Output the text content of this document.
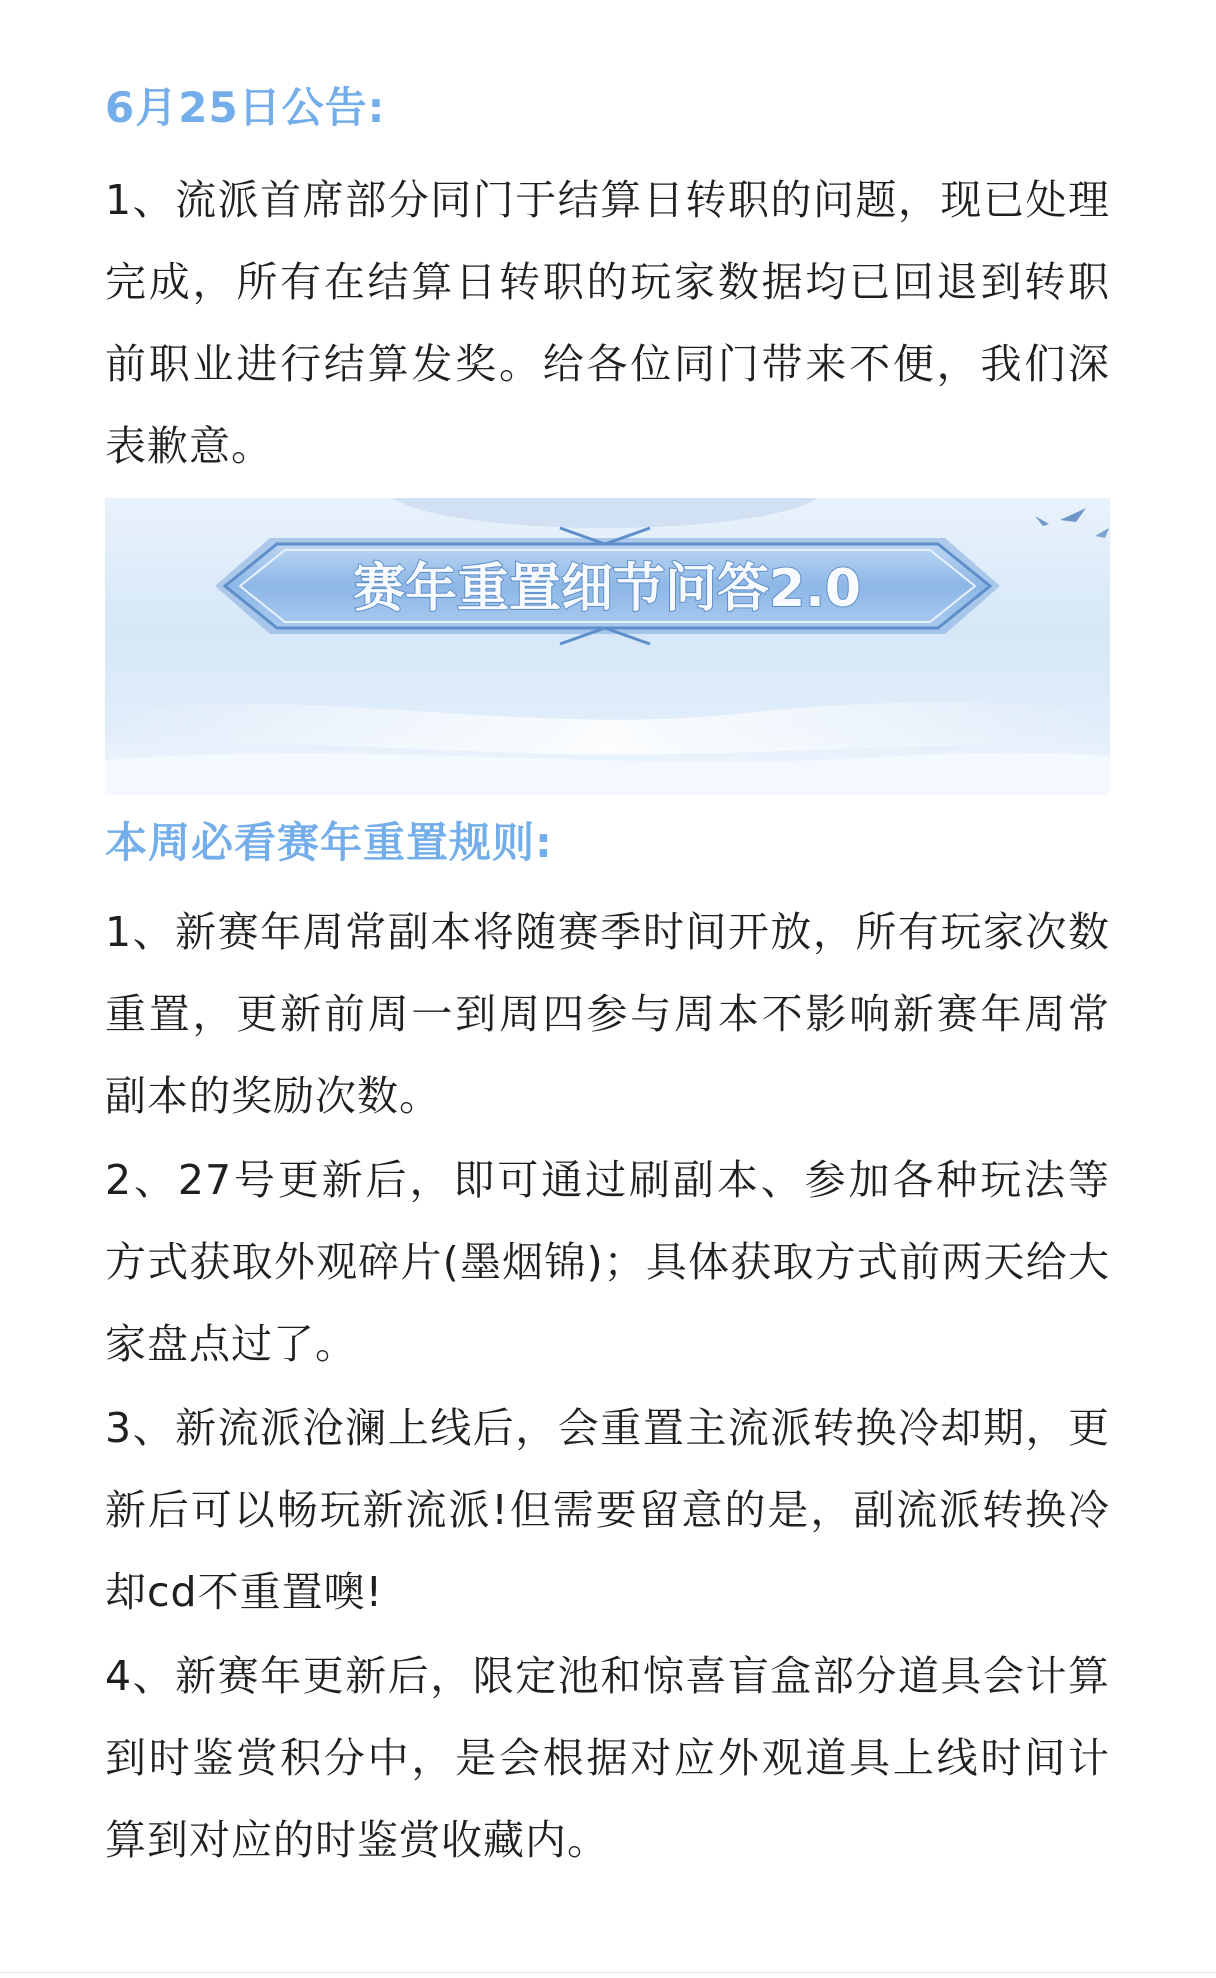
6月25日公告:

1、流派首席部分同门于结算日转职的问题，现已处理完成，所有在结算日转职的玩家数据均已回退到转职前职业进行结算发奖。给各位同门带来不便，我们深表歉意。

赛年重置细节问答2.0
本周必看赛年重置规则:

1、新赛年周常副本将随赛季时间开放，所有玩家次数重置，更新前周一到周四参与周本不影响新赛年周常副本的奖励次数。

2、27号更新后，即可通过刷副本、参加各种玩法等方式获取外观碎片(墨烟锦)；具体获取方式前两天给大家盘点过了。

3、新流派沧澜上线后，会重置主流派转换冷却期，更新后可以畅玩新流派!但需要留意的是，副流派转换冷却cd不重置噢!

4、新赛年更新后，限定池和惊喜盲盒部分道具会计算到时鉴赏积分中，是会根据对应外观道具上线时间计算到对应的时鉴赏收藏内。
